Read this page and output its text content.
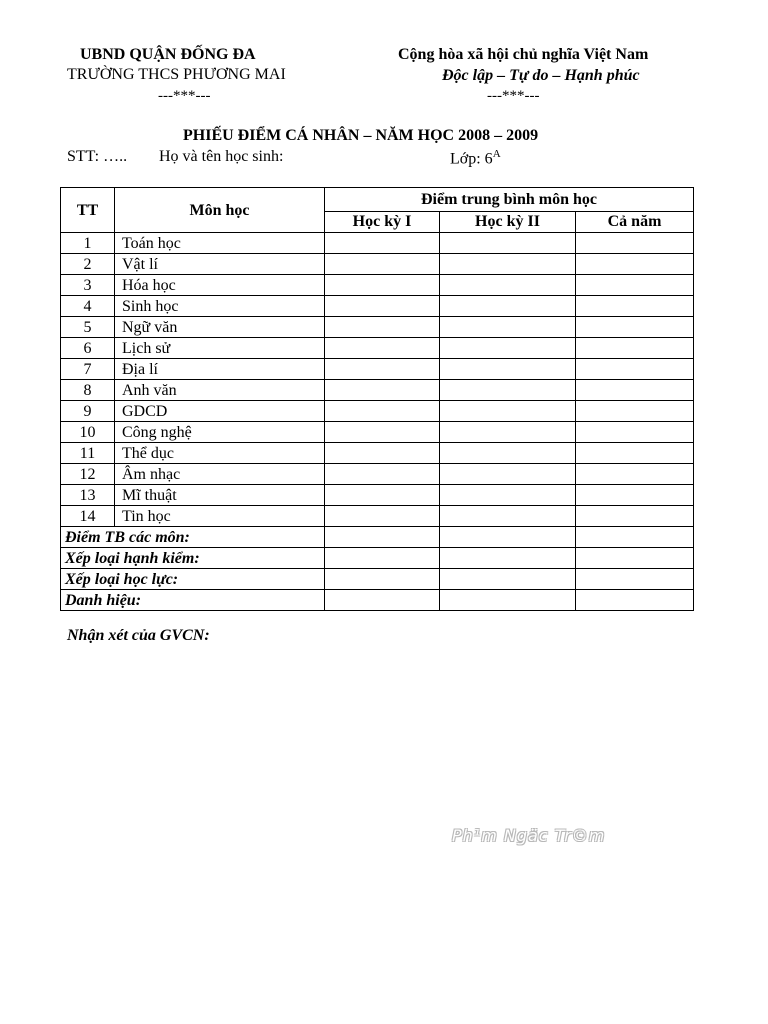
UBND QUẬN ĐỐNG ĐA
TRƯỜNG THCS PHƯƠNG MAI
---***---
Cộng hòa xã hội chủ nghĩa Việt Nam
Độc lập – Tự do – Hạnh phúc
---***---
PHIẾU ĐIỂM CÁ NHÂN – NĂM HỌC 2008 – 2009
STT: ….. Họ và tên học sinh:	Lớp: $6^A$
TT	Môn học	Điểm trung bình môn học		
		Học kỳ I	Học kỳ II	Cả năm
1	Toán học			
2	Vật lí			
3	Hóa học			
4	Sinh học			
5	Ngữ văn			
6	Lịch sử			
7	Địa lí			
8	Anh văn			
9	GDCD			
10	Công nghệ			
11	Thể dục			
12	Âm nhạc			
13	Mĩ thuật			
14	Tin học			
Điểm TB các môn:				
Xếp loại hạnh kiểm:				
Xếp loại học lực:				
Danh hiệu:				
Nhận xét của GVCN:
Ph¹m Ngäc Tr©m
